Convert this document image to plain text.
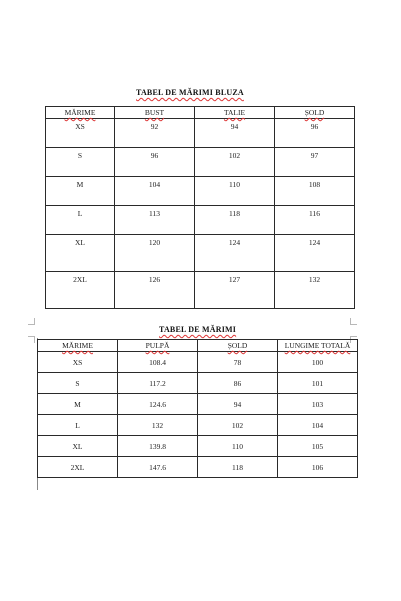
TABEL DE MĂRIMI BLUZA
MĂRIME	BUST	TALIE	ȘOLD
XS	92	94	96
S	96	102	97
M	104	110	108
L	113	118	116
XL	120	124	124
2XL	126	127	132
TABEL DE MĂRIMI
MĂRIME	PULPĂ	ȘOLD	LUNGIME TOTALĂ
XS	108.4	78	100
S	117.2	86	101
M	124.6	94	103
L	132	102	104
XL	139.8	110	105
2XL	147.6	118	106
